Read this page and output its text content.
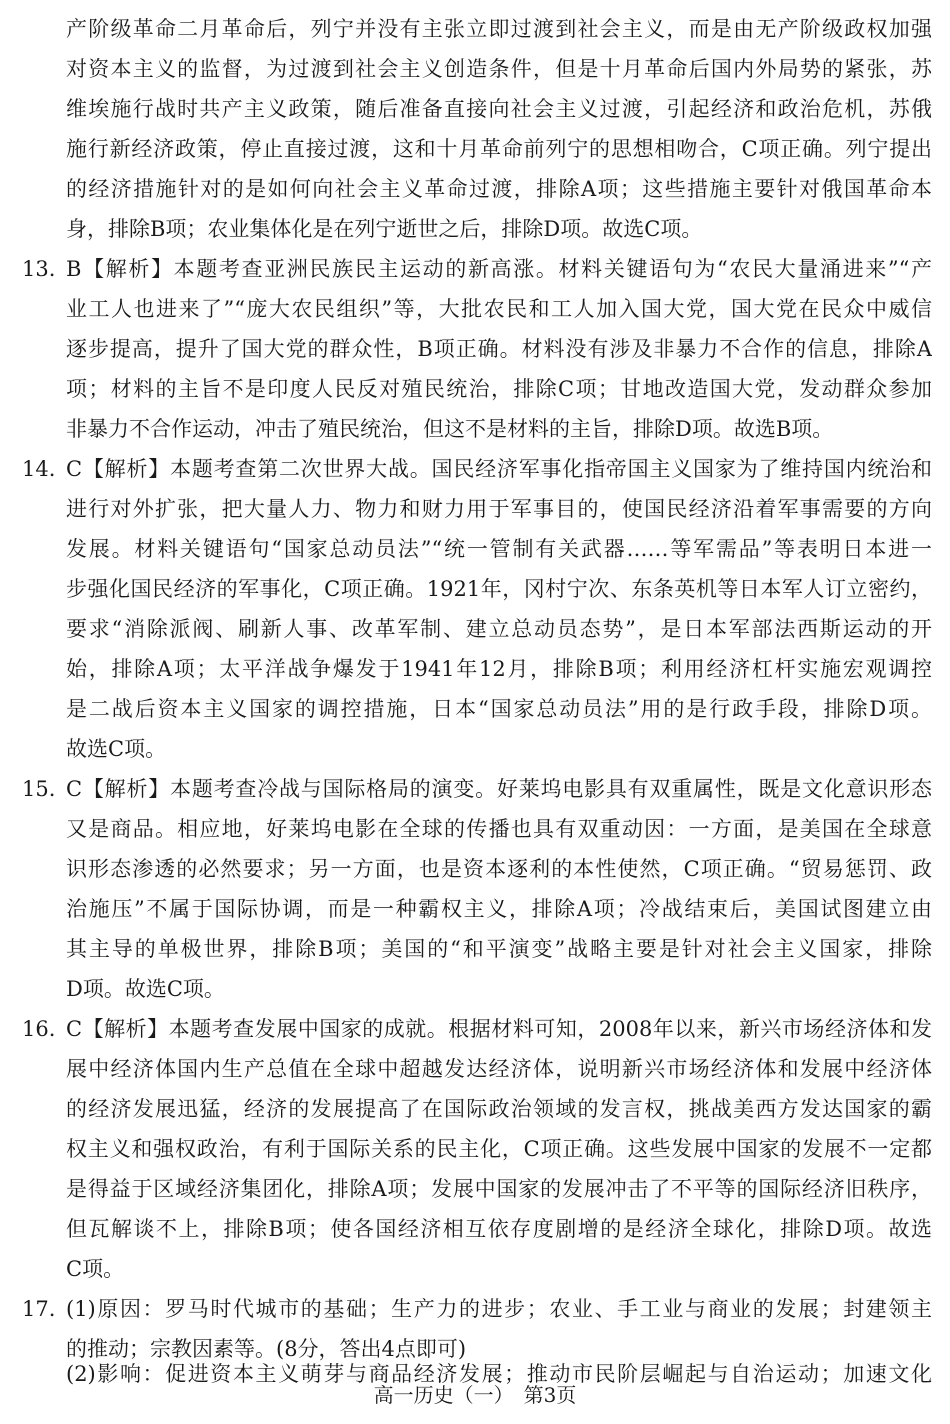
产阶级革命二月革命后，列宁并没有主张立即过渡到社会主义，而是由无产阶级政权加强
对资本主义的监督，为过渡到社会主义创造条件，但是十月革命后国内外局势的紧张，苏
维埃施行战时共产主义政策，随后准备直接向社会主义过渡，引起经济和政治危机，苏俄
施行新经济政策，停止直接过渡，这和十月革命前列宁的思想相吻合，C项正确。列宁提出
的经济措施针对的是如何向社会主义革命过渡，排除A项；这些措施主要针对俄国革命本
身，排除B项；农业集体化是在列宁逝世之后，排除D项。故选C项。
13. B【解析】本题考查亚洲民族民主运动的新高涨。材料关键语句为“农民大量涌进来”“产
业工人也进来了”“庞大农民组织”等，大批农民和工人加入国大党，国大党在民众中威信
逐步提高，提升了国大党的群众性，B项正确。材料没有涉及非暴力不合作的信息，排除A
项；材料的主旨不是印度人民反对殖民统治，排除C项；甘地改造国大党，发动群众参加
非暴力不合作运动，冲击了殖民统治，但这不是材料的主旨，排除D项。故选B项。
14. C【解析】本题考查第二次世界大战。国民经济军事化指帝国主义国家为了维持国内统治和
进行对外扩张，把大量人力、物力和财力用于军事目的，使国民经济沿着军事需要的方向
发展。材料关键语句“国家总动员法”“统一管制有关武器……等军需品”等表明日本进一
步强化国民经济的军事化，C项正确。1921年，冈村宁次、东条英机等日本军人订立密约，
要求“消除派阀、刷新人事、改革军制、建立总动员态势”，是日本军部法西斯运动的开
始，排除A项；太平洋战争爆发于1941年12月，排除B项；利用经济杠杆实施宏观调控
是二战后资本主义国家的调控措施，日本“国家总动员法”用的是行政手段，排除D项。
故选C项。
15. C【解析】本题考查冷战与国际格局的演变。好莱坞电影具有双重属性，既是文化意识形态
又是商品。相应地，好莱坞电影在全球的传播也具有双重动因：一方面，是美国在全球意
识形态渗透的必然要求；另一方面，也是资本逐利的本性使然，C项正确。“贸易惩罚、政
治施压”不属于国际协调，而是一种霸权主义，排除A项；冷战结束后，美国试图建立由
其主导的单极世界，排除B项；美国的“和平演变”战略主要是针对社会主义国家，排除
D项。故选C项。
16. C【解析】本题考查发展中国家的成就。根据材料可知，2008年以来，新兴市场经济体和发
展中经济体国内生产总值在全球中超越发达经济体，说明新兴市场经济体和发展中经济体
的经济发展迅猛，经济的发展提高了在国际政治领域的发言权，挑战美西方发达国家的霸
权主义和强权政治，有利于国际关系的民主化，C项正确。这些发展中国家的发展不一定都
是得益于区域经济集团化，排除A项；发展中国家的发展冲击了不平等的国际经济旧秩序，
但瓦解谈不上，排除B项；使各国经济相互依存度剧增的是经济全球化，排除D项。故选
C项。
17. (1)原因：罗马时代城市的基础；生产力的进步；农业、手工业与商业的发展；封建领主
的推动；宗教因素等。(8分，答出4点即可)
(2)影响：促进资本主义萌芽与商品经济发展；推动市民阶层崛起与自治运动；加速文化
高一历史（一）　第3页
